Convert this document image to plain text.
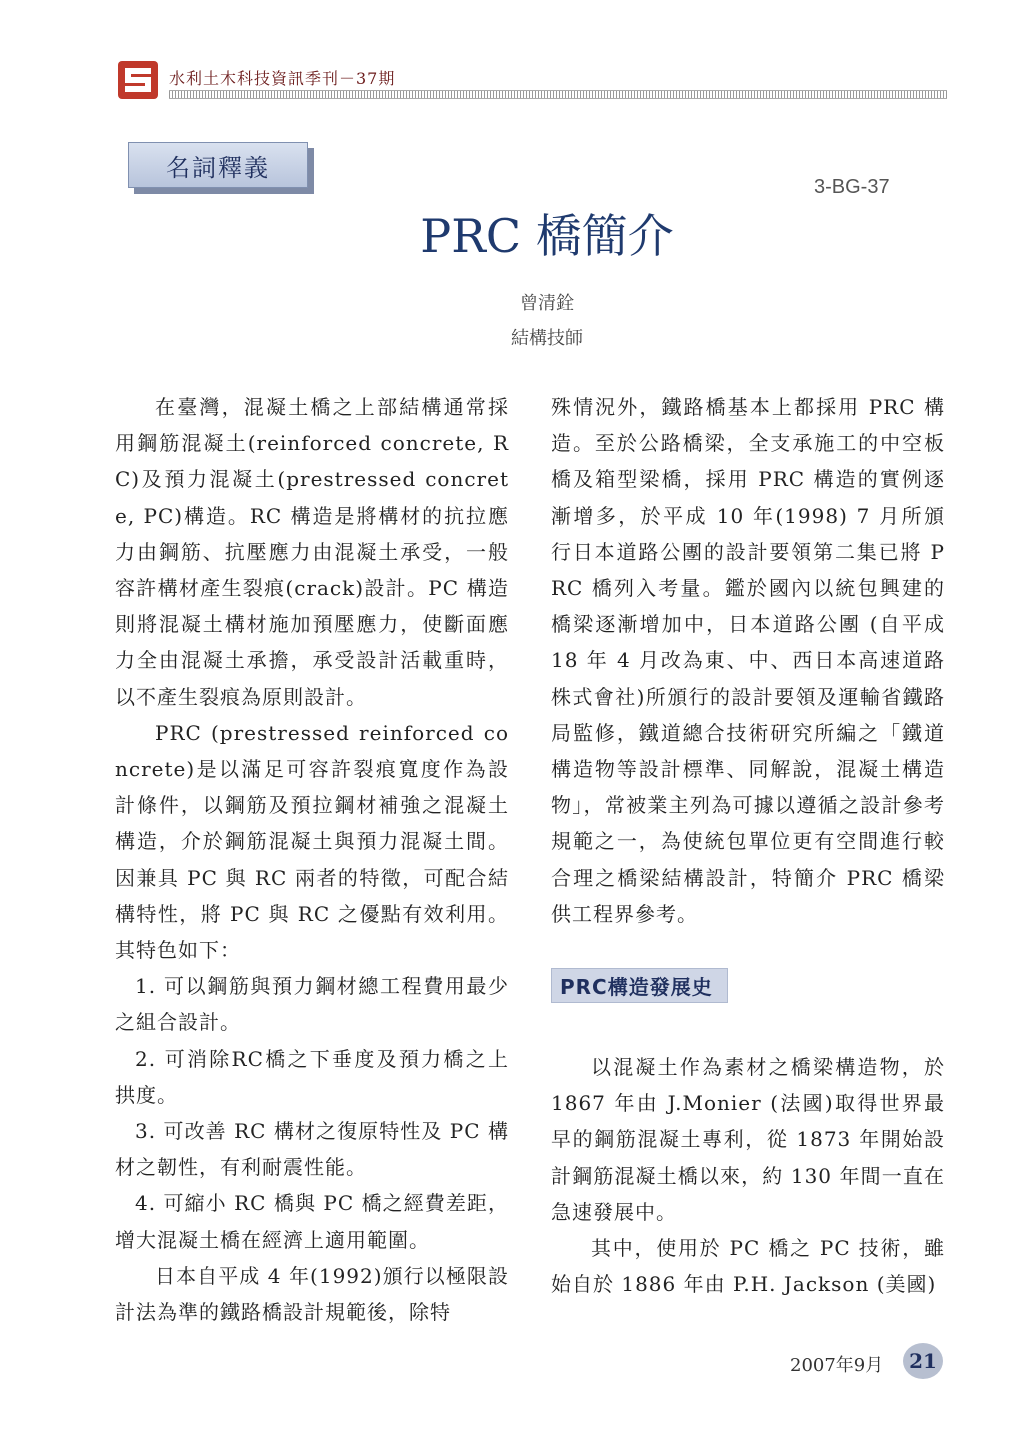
水利土木科技資訊季刊－37期
名詞釋義
3-BG-37
PRC 橋簡介
曾清銓
結構技師

在臺灣，混凝土橋之上部結構通常採用鋼筋混凝土(reinforced concrete, RC)及預力混凝土(prestressed concrete, PC)構造。RC 構造是將構材的抗拉應力由鋼筋、抗壓應力由混凝土承受，一般容許構材產生裂痕(crack)設計。PC 構造則將混凝土構材施加預壓應力，使斷面應力全由混凝土承擔，承受設計活載重時，以不產生裂痕為原則設計。

PRC (prestressed reinforced concrete)是以滿足可容許裂痕寬度作為設計條件，以鋼筋及預拉鋼材補強之混凝土構造，介於鋼筋混凝土與預力混凝土間。因兼具 PC 與 RC 兩者的特徵，可配合結構特性，將 PC 與 RC 之優點有效利用。其特色如下：

1. 可以鋼筋與預力鋼材總工程費用最少之組合設計。

2. 可消除RC橋之下垂度及預力橋之上拱度。

3. 可改善 RC 構材之復原特性及 PC 構材之韌性，有利耐震性能。

4. 可縮小 RC 橋與 PC 橋之經費差距，增大混凝土橋在經濟上適用範圍。

日本自平成 4 年(1992)頒行以極限設計法為準的鐵路橋設計規範後，除特

殊情況外，鐵路橋基本上都採用 PRC 構造。至於公路橋梁，全支承施工的中空板橋及箱型梁橋，採用 PRC 構造的實例逐漸增多，於平成 10 年(1998) 7 月所頒行日本道路公團的設計要領第二集已將 PRC 橋列入考量。鑑於國內以統包興建的橋梁逐漸增加中，日本道路公團 (自平成 18 年 4 月改為東、中、西日本高速道路株式會社)所頒行的設計要領及運輸省鐵路局監修，鐵道總合技術研究所編之「鐵道構造物等設計標準、同解說，混凝土構造物」，常被業主列為可據以遵循之設計參考規範之一，為使統包單位更有空間進行較合理之橋梁結構設計，特簡介 PRC 橋梁供工程界參考。

PRC構造發展史

以混凝土作為素材之橋梁構造物，於 1867 年由 J.Monier (法國)取得世界最早的鋼筋混凝土專利，從 1873 年開始設計鋼筋混凝土橋以來，約 130 年間一直在急速發展中。

其中，使用於 PC 橋之 PC 技術，雖始自於 1886 年由 P.H. Jackson (美國)

2007年9月	21
